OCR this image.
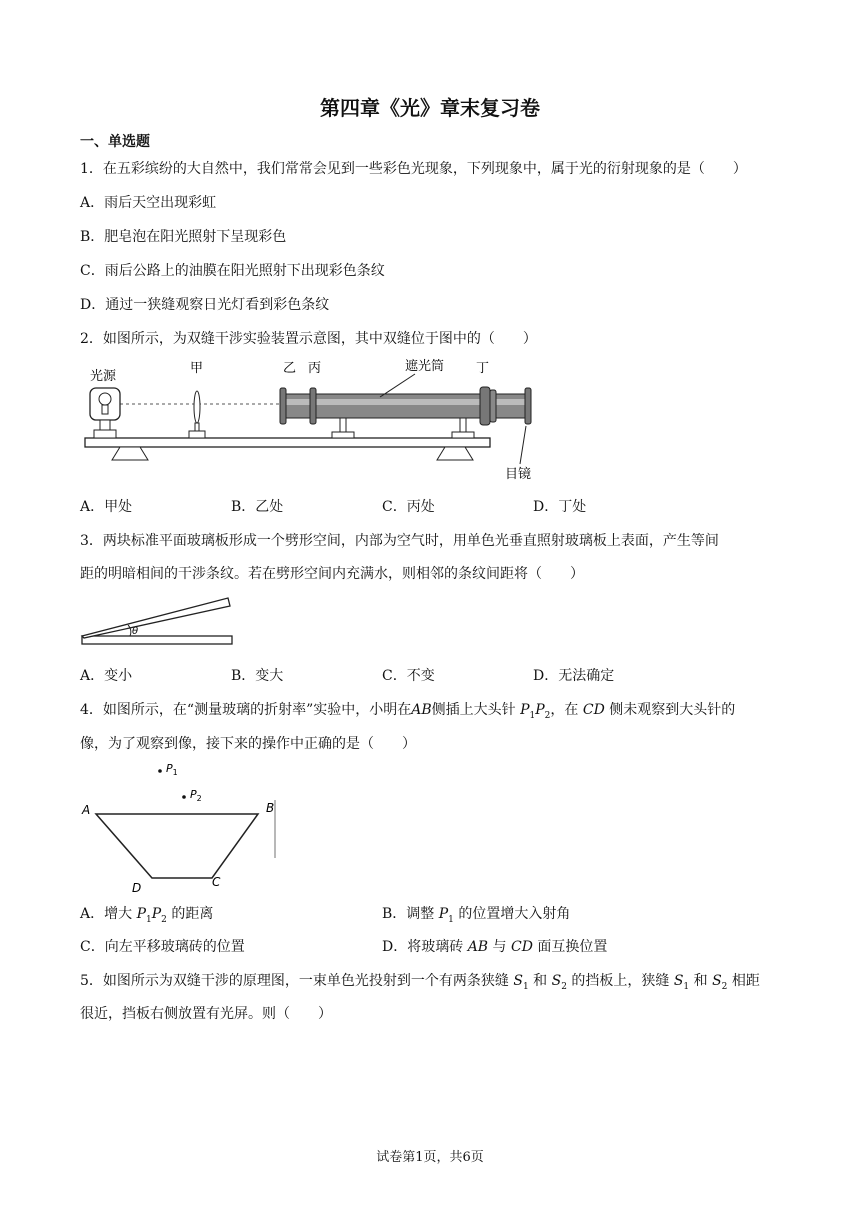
第四章《光》章末复习卷
一、单选题
1．在五彩缤纷的大自然中，我们常常会见到一些彩色光现象，下列现象中，属于光的衍射现象的是（　　）
A．雨后天空出现彩虹
B．肥皂泡在阳光照射下呈现彩色
C．雨后公路上的油膜在阳光照射下出现彩色条纹
D．通过一狭缝观察日光灯看到彩色条纹
2．如图所示，为双缝干涉实验装置示意图，其中双缝位于图中的（　　）
光源
甲	乙 丙	遮光筒 丁
目镜
A．甲处	B．乙处	C．丙处	D．丁处
3．两块标准平面玻璃板形成一个劈形空间，内部为空气时，用单色光垂直照射玻璃板上表面，产生等间
距的明暗相间的干涉条纹。若在劈形空间内充满水，则相邻的条纹间距将（　　）
θ
A．变小	B．变大	C．不变	D．无法确定
4．如图所示，在“测量玻璃的折射率”实验中，小明在AB侧插上大头针 $P_1P_2$，在 CD 侧未观察到大头针的
像，为了观察到像，接下来的操作中正确的是（　　）
$P_1$
$P_2$
A	B
C
D
A．增大 $P_1P_2$ 的距离	B．调整 $P_1$ 的位置增大入射角
C．向左平移玻璃砖的位置	D．将玻璃砖 AB 与 CD 面互换位置
5．如图所示为双缝干涉的原理图，一束单色光投射到一个有两条狭缝 $S_1$ 和 $S_2$ 的挡板上，狭缝 $S_1$ 和 $S_2$ 相距
很近，挡板右侧放置有光屏。则（　　）
试卷第1页，共6页
